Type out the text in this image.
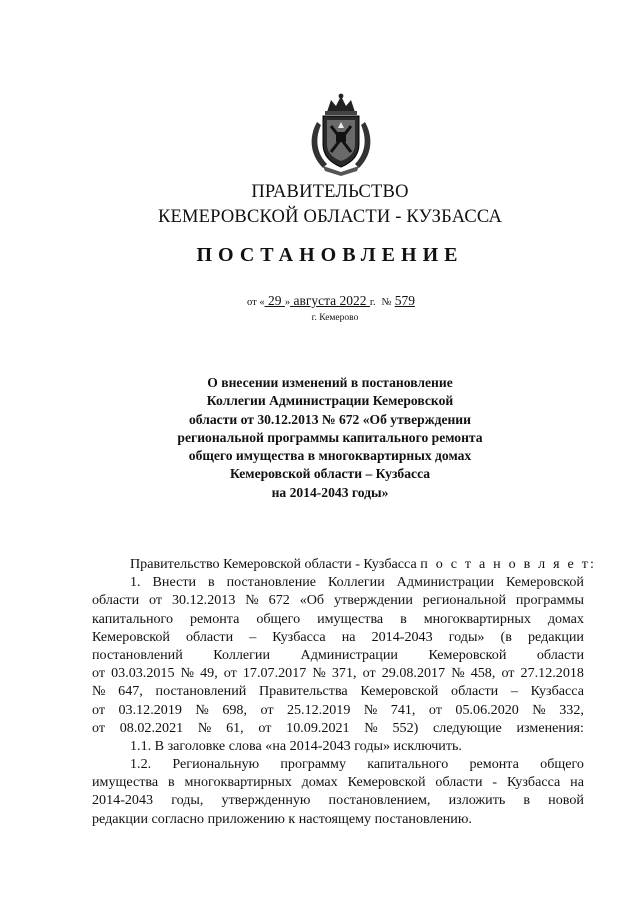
ПРАВИТЕЛЬСТВО
КЕМЕРОВСКОЙ ОБЛАСТИ - КУЗБАССА
ПОСТАНОВЛЕНИЕ
от « 29 » августа 2022 г. № 579
г. Кемерово
О внесении изменений в постановление
Коллегии Администрации Кемеровской
области от 30.12.2013 № 672 «Об утверждении
региональной программы капитального ремонта
общего имущества в многоквартирных домах
Кемеровской области – Кузбасса
на 2014-2043 годы»
Правительство Кемеровской области - Кузбасса п о с т а н о в л я е т:
1. Внести в постановление Коллегии Администрации Кемеровской
области от 30.12.2013 № 672 «Об утверждении региональной программы
капитального ремонта общего имущества в многоквартирных домах
Кемеровской области – Кузбасса на 2014-2043 годы» (в редакции
постановлений Коллегии Администрации Кемеровской области
от 03.03.2015 № 49, от 17.07.2017 № 371, от 29.08.2017 № 458, от 27.12.2018
№ 647, постановлений Правительства Кемеровской области – Кузбасса
от 03.12.2019 № 698, от 25.12.2019 № 741, от 05.06.2020 № 332,
от 08.02.2021 № 61, от 10.09.2021 № 552) следующие изменения:
1.1. В заголовке слова «на 2014-2043 годы» исключить.
1.2. Региональную программу капитального ремонта общего
имущества в многоквартирных домах Кемеровской области - Кузбасса на
2014-2043 годы, утвержденную постановлением, изложить в новой
редакции согласно приложению к настоящему постановлению.
